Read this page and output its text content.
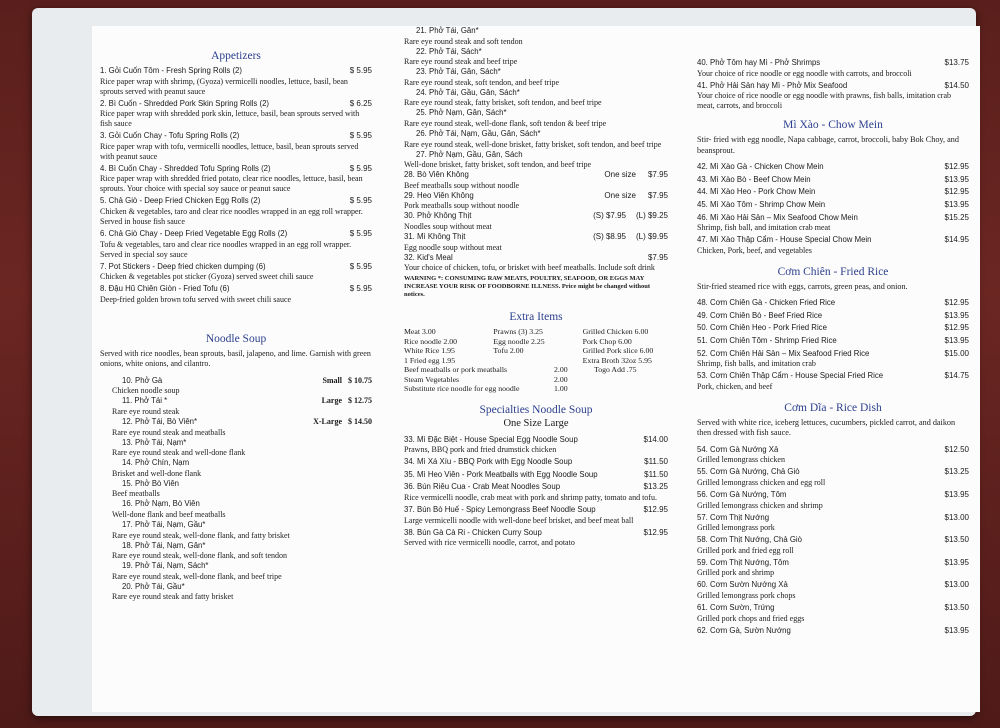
Appetizers
1. Gỏi Cuốn Tôm - Fresh Spring Rolls (2)	$ 5.95
Rice paper wrap with shrimp, (Gyoza) vermicelli noodles, lettuce, basil, bean sprouts served with peanut sauce
2. Bì Cuốn - Shredded Pork Skin Spring Rolls (2)	$ 6.25
Rice paper wrap with shredded pork skin, lettuce, basil, bean sprouts served with fish sauce
3. Gỏi Cuốn Chay - Tofu Spring Rolls (2)	$ 5.95
Rice paper wrap with tofu, vermicelli noodles, lettuce, basil, bean sprouts served with peanut sauce
4. Bì Cuốn Chay - Shredded Tofu Spring Rolls (2)	$ 5.95
Rice paper wrap with shredded fried potato, clear rice noodles, lettuce, basil, bean sprouts. Your choice with special soy sauce or peanut sauce
5. Chả Giò - Deep Fried Chicken Egg Rolls (2)	$ 5.95
Chicken & vegetables, taro and clear rice noodles wrapped in an egg roll wrapper. Served in house fish sauce
6. Chả Giò Chay - Deep Fried Vegetable Egg Rolls (2)	$ 5.95
Tofu & vegetables, taro and clear rice noodles wrapped in an egg roll wrapper. Served in special soy sauce
7. Pot Stickers - Deep fried chicken dumping (6)	$ 5.95
Chicken & vegetables pot sticker (Gyoza) served sweet chili sauce
8. Đậu Hũ Chiên Giòn - Fried Tofu (6)	$ 5.95
Deep-fried golden brown tofu served with sweet chili sauce
Noodle Soup
Served with rice noodles, bean sprouts, basil, jalapeno, and lime. Garnish with green onions, white onions, and cilantro.
10. Phở Gà	Small $ 10.75
Chicken noodle soup
11. Phở Tái *	Large $ 12.75
Rare eye round steak
12. Phở Tái, Bò Viên*	X-Large $ 14.50
Rare eye round steak and meatballs
13. Phở Tái, Nạm*
Rare eye round steak and well-done flank
14. Phở Chín, Nạm
Brisket and well-done flank
15. Phở Bò Viên
Beef meatballs
16. Phở Nạm, Bò Viên
Well-done flank and beef meatballs
17. Phở Tái, Nạm, Gầu*
Rare eye round steak, well-done flank, and fatty brisket
18. Phở Tái, Nạm, Gân*
Rare eye round steak, well-done flank, and soft tendon
19. Phở Tái, Nạm, Sách*
Rare eye round steak, well-done flank, and beef tripe
20. Phở Tái, Gầu*
Rare eye round steak and fatty brisket
21. Phở Tái, Gân*
Rare eye round steak and soft tendon
22. Phở Tái, Sách*
Rare eye round steak and beef tripe
23. Phở Tái, Gân, Sách*
Rare eye round steak, soft tendon, and beef tripe
24. Phở Tái, Gầu, Gân, Sách*
Rare eye round steak, fatty brisket, soft tendon, and beef tripe
25. Phở Nạm, Gân, Sách*
Rare eye round steak, well-done flank, soft tendon & beef tripe
26. Phở Tái, Nạm, Gầu, Gân, Sách*
Rare eye round steak, well-done brisket, fatty brisket, soft tendon, and beef tripe
27. Phở Nạm, Gầu, Gân, Sách
Well-done brisket, fatty brisket, soft tendon, and beef tripe
28. Bò Viên Không	One size $7.95
Beef meatballs soup without noodle
29. Heo Viên Không	One size $7.95
Pork meatballs soup without noodle
30. Phở Không Thịt	(S) $7.95 (L) $9.25
Noodles soup without meat
31. Mì Không Thịt	(S) $8.95 (L) $9.95
Egg noodle soup without meat
32. Kid's Meal	$7.95
Your choice of chicken, tofu, or brisket with beef meatballs. Include soft drink
WARNING *: CONSUMING RAW MEATS, POULTRY, SEAFOOD, OR EGGS MAY INCREASE YOUR RISK OF FOODBORNE ILLNESS. Price might be changed without notices.
Extra Items
Meat 3.00	Prawns (3) 3.25	Grilled Chicken 6.00
Rice noodle 2.00	Egg noodle 2.25	Pork Chop 6.00
White Rice 1.95	Tofu 2.00	Grilled Pork slice 6.00
1 Fried egg 1.95	Extra Broth 32oz 5.95
Beef meatballs or pork meatballs	2.00	Togo Add .75
Steam Vegetables	2.00
Substitute rice noodle for egg noodle	1.00
Specialties Noodle Soup
One Size Large
33. Mì Đặc Biệt - House Special Egg Noodle Soup	$14.00
Prawns, BBQ pork and fried drumstick chicken
34. Mì Xá Xíu - BBQ Pork with Egg Noodle Soup	$11.50
35. Mì Heo Viên - Pork Meatballs with Egg Noodle Soup	$11.50
36. Bún Riêu Cua - Crab Meat Noodles Soup	$13.25
Rice vermicelli noodle, crab meat with pork and shrimp patty, tomato and tofu.
37. Bún Bò Huế - Spicy Lemongrass Beef Noodle Soup	$12.95
Large vermicelli noodle with well-done beef brisket, and beef meat ball
38. Bún Gà Cà Ri - Chicken Curry Soup	$12.95
Served with rice vermicelli noodle, carrot, and potato
40. Phở Tôm hay Mì - Phở Shrimps	$13.75
Your choice of rice noodle or egg noodle with carrots, and broccoli
41. Phở Hải Sản hay Mì - Phở Mix Seafood	$14.50
Your choice of rice noodle or egg noodle with prawns, fish balls, imitation crab meat, carrots, and broccoli
Mì Xào - Chow Mein
Stir- fried with egg noodle, Napa cabbage, carrot, broccoli, baby Bok Choy, and beansprout.
42. Mì Xào Gà - Chicken Chow Mein	$12.95
43. Mì Xào Bò - Beef Chow Mein	$13.95
44. Mì Xào Heo - Pork Chow Mein	$12.95
45. Mì Xào Tôm - Shrimp Chow Mein	$13.95
46. Mì Xào Hải Sản – Mix Seafood Chow Mein	$15.25
Shrimp, fish ball, and imitation crab meat
47. Mì Xào Thập Cẩm - House Special Chow Mein	$14.95
Chicken, Pork, beef, and vegetables
Cơm Chiên - Fried Rice
Stir-fried steamed rice with eggs, carrots, green peas, and onion.
48. Cơm Chiên Gà - Chicken Fried Rice	$12.95
49. Cơm Chiên Bò - Beef Fried Rice	$13.95
50. Cơm Chiên Heo - Pork Fried Rice	$12.95
51. Cơm Chiên Tôm - Shrimp Fried Rice	$13.95
52. Cơm Chiên Hải Sản – Mix Seafood Fried Rice	$15.00
Shrimp, fish balls, and imitation crab
53. Cơm Chiên Thập Cẩm - House Special Fried Rice	$14.75
Pork, chicken, and beef
Cơm Dĩa - Rice Dish
Served with white rice, iceberg lettuces, cucumbers, pickled carrot, and daikon then dressed with fish sauce.
54. Cơm Gà Nướng Xả	$12.50
Grilled lemongrass chicken
55. Cơm Gà Nướng, Chả Giò	$13.25
Grilled lemongrass chicken and egg roll
56. Cơm Gà Nướng, Tôm	$13.95
Grilled lemongrass chicken and shrimp
57. Cơm Thịt Nướng	$13.00
Grilled lemongrass pork
58. Cơm Thịt Nướng, Chả Giò	$13.50
Grilled pork and fried egg roll
59. Cơm Thịt Nướng, Tôm	$13.95
Grilled pork and shrimp
60. Cơm Sườn Nướng Xả	$13.00
Grilled lemongrass pork chops
61. Cơm Sườn, Trứng	$13.50
Grilled pork chops and fried eggs
62. Cơm Gà, Sườn Nướng	$13.95
